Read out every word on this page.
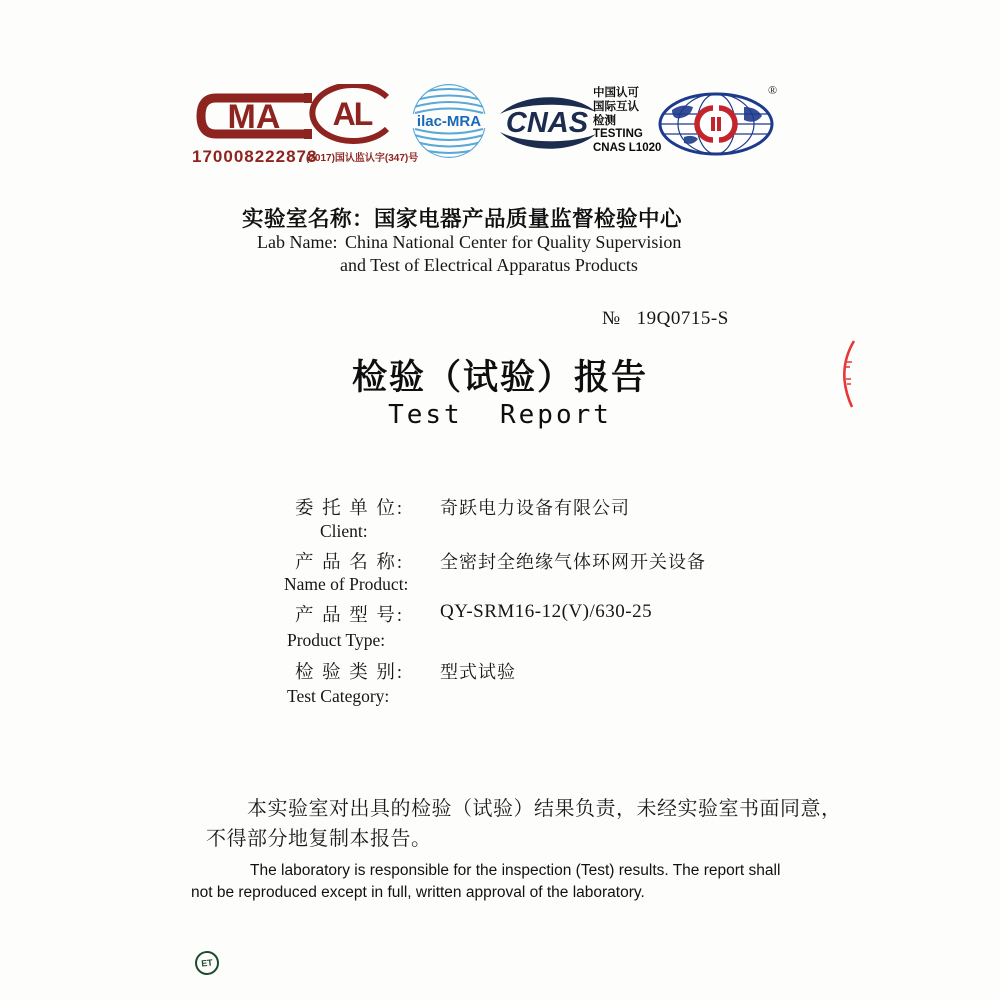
MA
170008222878
AL
(2017)国认监认字(347)号
ilac-MRA CNAS
中国认可
国际互认
检测
TESTING
CNAS L1020
®
实验室名称：国家电器产品质量监督检验中心
Lab Name: China National Center for Quality Supervision
and Test of Electrical Apparatus Products
№ 19Q0715-S
检验（试验）报告
Test  Report
委 托 单 位: 奇跃电力设备有限公司
Client:
产 品 名 称: 全密封全绝缘气体环网开关设备
Name of Product:
产 品 型 号: QY-SRM16-12(V)/630-25
Product Type:
检 验 类 别: 型式试验
Test Category:
本实验室对出具的检验（试验）结果负责，未经实验室书面同意，
不得部分地复制本报告。
The laboratory is responsible for the inspection (Test) results. The report shall
not be reproduced except in full, written approval of the laboratory.
ET
